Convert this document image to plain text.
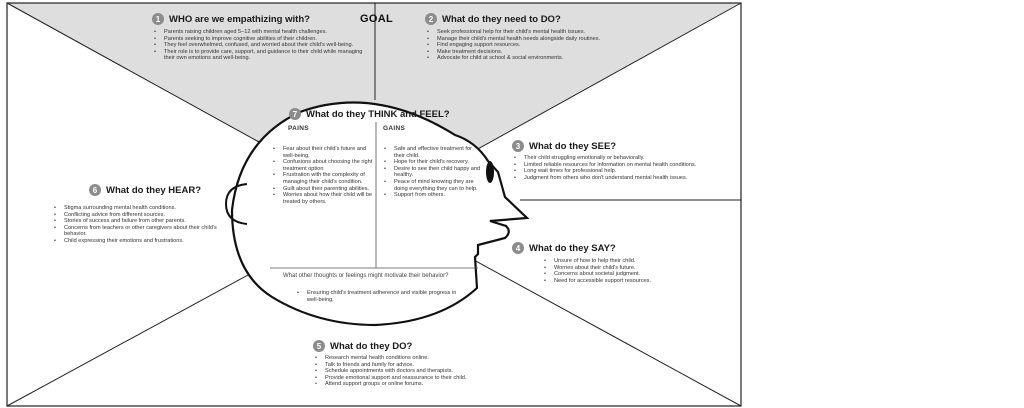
GOAL
1 WHO are we empathizing with?
• Parents raising children aged 5–12 with mental health challenges.
• Parents seeking to improve cognitive abilities of their children.
• They feel overwhelmed, confused, and worried about their child's well-being.
• Their role is to provide care, support, and guidance to their child while managing their own emotions and well-being.
2 What do they need to DO?
• Seek professional help for their child's mental health issues.
• Manage their child's mental health needs alongside daily routines.
• Find engaging support resources.
• Make treatment decisions.
• Advocate for child at school & social environments.
3 What do they SEE?
• Their child struggling emotionally or behaviorally.
• Limited reliable resources for information on mental health conditions.
• Long wait times for professional help.
• Judgment from others who don't understand mental health issues.
4 What do they SAY?
• Unsure of how to help their child.
• Worries about their child's future.
• Concerns about societal judgment.
• Need for accessible support resources.
5 What do they DO?
• Research mental health conditions online.
• Talk to friends and family for advice.
• Schedule appointments with doctors and therapists.
• Provide emotional support and reassurance to their child.
• Attend support groups or online forums.
6 What do they HEAR?
• Stigma surrounding mental health conditions.
• Conflicting advice from different sources.
• Stories of success and failure from other parents.
• Concerns from teachers or other caregivers about their child's behavior.
• Child expressing their emotions and frustrations.
7 What do they THINK and FEEL?
PAINS	GAINS
• Fear about their child's future and well-being.
• Confusions about choosing the right treatment option
• Frustration with the complexity of managing their child's condition.
• Guilt about their parenting abilities.
• Worries about how their child will be treated by others.
• Safe and effective treatment for their child.
• Hope for their child's recovery.
• Desire to see their child happy and healthy.
• Peace of mind knowing they are doing everything they can to help.
• Support from others.
What other thoughts or feelings might motivate their behavior?
• Ensuring child's treatment adherence and visible progress in well-being.
